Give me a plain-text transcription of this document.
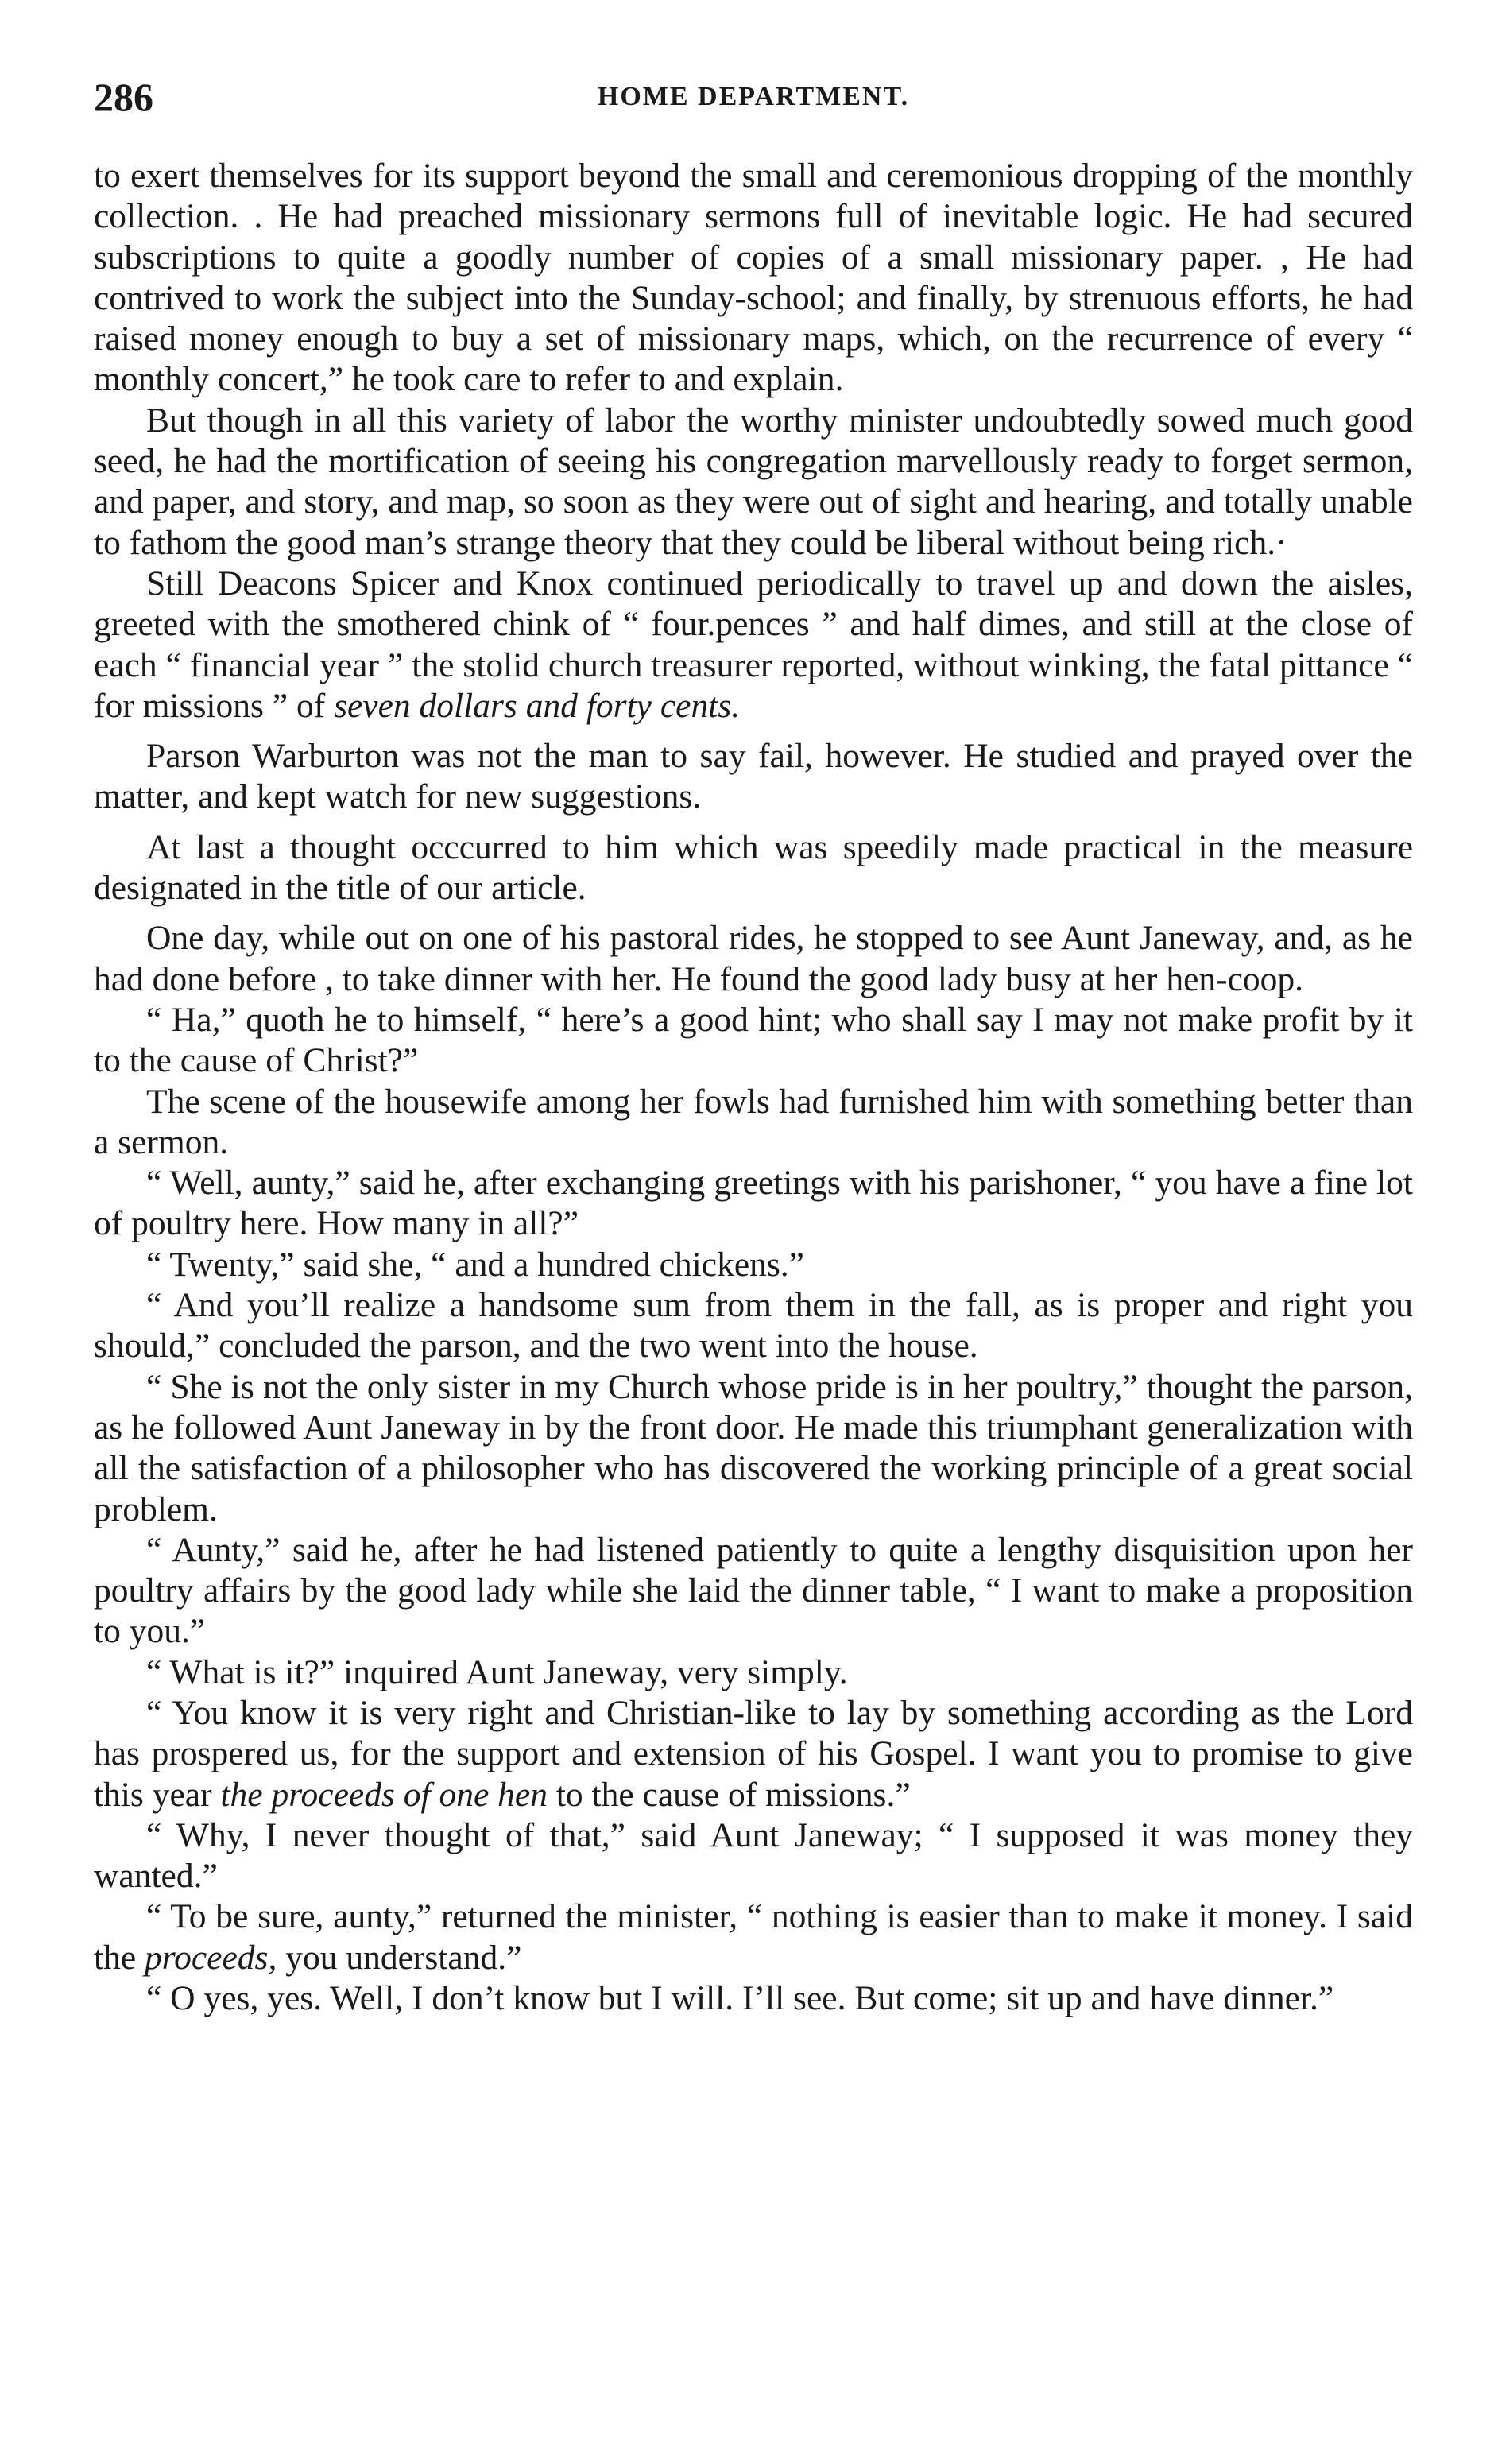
286	HOME DEPARTMENT.

to exert themselves for its support beyond the small and ceremonious dropping of the monthly collection. . He had preached missionary sermons full of inevitable logic. He had secured subscriptions to quite a goodly number of copies of a small missionary paper. , He had contrived to work the subject into the Sunday-school; and finally, by strenuous efforts, he had raised money enough to buy a set of missionary maps, which, on the recurrence of every “ monthly concert,” he took care to refer to and explain.

But though in all this variety of labor the worthy minister undoubtedly sowed much good seed, he had the mortification of seeing his congregation marvellously ready to forget sermon, and paper, and story, and map, so soon as they were out of sight and hearing, and totally unable to fathom the good man’s strange theory that they could be liberal without being rich.·

Still Deacons Spicer and Knox continued periodically to travel up and down the aisles, greeted with the smothered chink of “ four.pences ” and half dimes, and still at the close of each “ financial year ” the stolid church treasurer reported, without winking, the fatal pittance “ for missions ” of seven dollars and forty cents.

Parson Warburton was not the man to say fail, however. He studied and prayed over the matter, and kept watch for new suggestions.

At last a thought occcurred to him which was speedily made practical in the measure designated in the title of our article.

One day, while out on one of his pastoral rides, he stopped to see Aunt Janeway, and, as he had done before , to take dinner with her. He found the good lady busy at her hen-coop.

“ Ha,” quoth he to himself, “ here’s a good hint; who shall say I may not make profit by it to the cause of Christ?”

The scene of the housewife among her fowls had furnished him with something better than a sermon.

“ Well, aunty,” said he, after exchanging greetings with his parishoner, “ you have a fine lot of poultry here. How many in all?”

“ Twenty,” said she, “ and a hundred chickens.”

“ And you’ll realize a handsome sum from them in the fall, as is proper and right you should,” concluded the parson, and the two went into the house.

“ She is not the only sister in my Church whose pride is in her poultry,” thought the parson, as he followed Aunt Janeway in by the front door. He made this triumphant generalization with all the satisfaction of a philosopher who has discovered the working principle of a great social problem.

“ Aunty,” said he, after he had listened patiently to quite a lengthy disquisition upon her poultry affairs by the good lady while she laid the dinner table, “ I want to make a proposition to you.”

“ What is it?” inquired Aunt Janeway, very simply.

“ You know it is very right and Christian-like to lay by something according as the Lord has prospered us, for the support and extension of his Gospel. I want you to promise to give this year the proceeds of one hen to the cause of missions.”

“ Why, I never thought of that,” said Aunt Janeway; “ I supposed it was money they wanted.”

“ To be sure, aunty,” returned the minister, “ nothing is easier than to make it money. I said the proceeds, you understand.”

“ O yes, yes. Well, I don’t know but I will. I’ll see. But come; sit up and have dinner.”
